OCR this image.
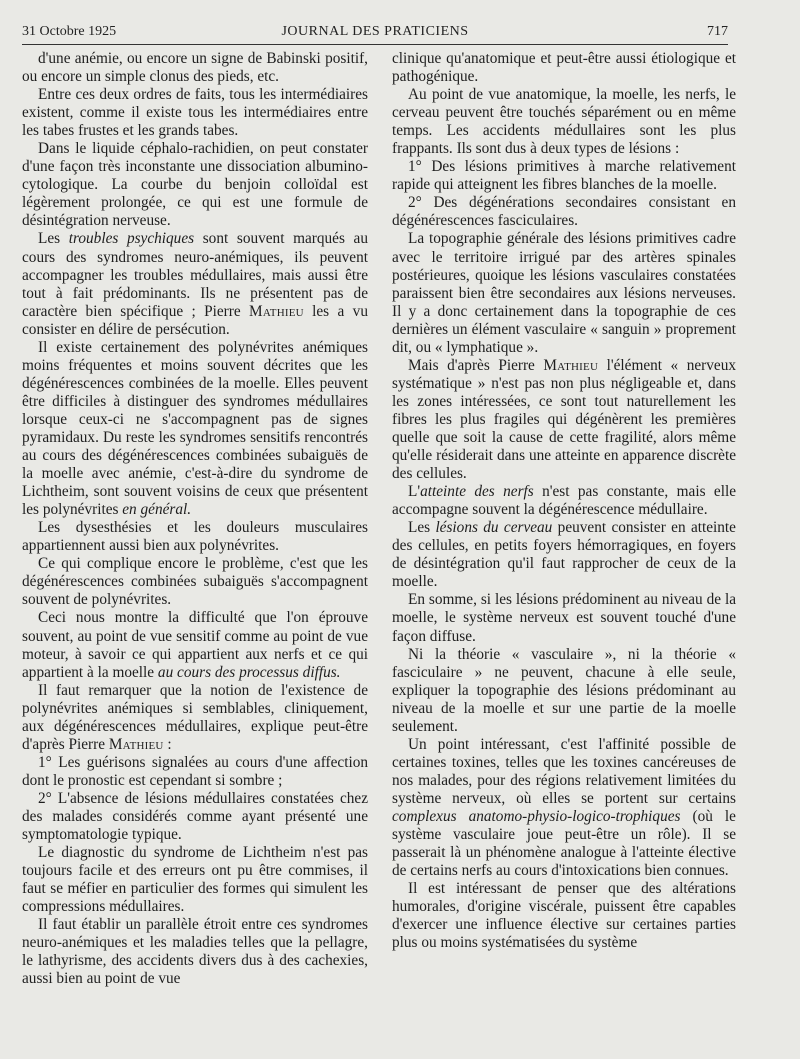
31 Octobre 1925	JOURNAL DES PRATICIENS	717

d'une anémie, ou encore un signe de Babinski positif, ou encore un simple clonus des pieds, etc.

Entre ces deux ordres de faits, tous les intermédiaires existent, comme il existe tous les intermédiaires entre les tabes frustes et les grands tabes.

Dans le liquide céphalo-rachidien, on peut constater d'une façon très inconstante une dissociation albumino-cytologique. La courbe du benjoin colloïdal est légèrement prolongée, ce qui est une formule de désintégration nerveuse.

Les troubles psychiques sont souvent marqués au cours des syndromes neuro-anémiques, ils peuvent accompagner les troubles médullaires, mais aussi être tout à fait prédominants. Ils ne présentent pas de caractère bien spécifique ; Pierre Mathieu les a vu consister en délire de persécution.

Il existe certainement des polynévrites anémiques moins fréquentes et moins souvent décrites que les dégénérescences combinées de la moelle. Elles peuvent être difficiles à distinguer des syndromes médullaires lorsque ceux-ci ne s'accompagnent pas de signes pyramidaux. Du reste les syndromes sensitifs rencontrés au cours des dégénérescences combinées subaiguës de la moelle avec anémie, c'est-à-dire du syndrome de Lichtheim, sont souvent voisins de ceux que présentent les polynévrites en général.

Les dysesthésies et les douleurs musculaires appartiennent aussi bien aux polynévrites.

Ce qui complique encore le problème, c'est que les dégénérescences combinées subaiguës s'accompagnent souvent de polynévrites.

Ceci nous montre la difficulté que l'on éprouve souvent, au point de vue sensitif comme au point de vue moteur, à savoir ce qui appartient aux nerfs et ce qui appartient à la moelle au cours des processus diffus.

Il faut remarquer que la notion de l'existence de polynévrites anémiques si semblables, cliniquement, aux dégénérescences médullaires, explique peut-être d'après Pierre Mathieu :

1° Les guérisons signalées au cours d'une affection dont le pronostic est cependant si sombre ;

2° L'absence de lésions médullaires constatées chez des malades considérés comme ayant présenté une symptomatologie typique.

Le diagnostic du syndrome de Lichtheim n'est pas toujours facile et des erreurs ont pu être commises, il faut se méfier en particulier des formes qui simulent les compressions médullaires.

Il faut établir un parallèle étroit entre ces syndromes neuro-anémiques et les maladies telles que la pellagre, le lathyrisme, des accidents divers dus à des cachexies, aussi bien au point de vue

clinique qu'anatomique et peut-être aussi étiologique et pathogénique.

Au point de vue anatomique, la moelle, les nerfs, le cerveau peuvent être touchés séparément ou en même temps. Les accidents médullaires sont les plus frappants. Ils sont dus à deux types de lésions :

1° Des lésions primitives à marche relativement rapide qui atteignent les fibres blanches de la moelle.

2° Des dégénérations secondaires consistant en dégénérescences fasciculaires.

La topographie générale des lésions primitives cadre avec le territoire irrigué par des artères spinales postérieures, quoique les lésions vasculaires constatées paraissent bien être secondaires aux lésions nerveuses. Il y a donc certainement dans la topographie de ces dernières un élément vasculaire « sanguin » proprement dit, ou « lymphatique ».

Mais d'après Pierre Mathieu l'élément « nerveux systématique » n'est pas non plus négligeable et, dans les zones intéressées, ce sont tout naturellement les fibres les plus fragiles qui dégénèrent les premières quelle que soit la cause de cette fragilité, alors même qu'elle résiderait dans une atteinte en apparence discrète des cellules.

L'atteinte des nerfs n'est pas constante, mais elle accompagne souvent la dégénérescence médullaire.

Les lésions du cerveau peuvent consister en atteinte des cellules, en petits foyers hémorragiques, en foyers de désintégration qu'il faut rapprocher de ceux de la moelle.

En somme, si les lésions prédominent au niveau de la moelle, le système nerveux est souvent touché d'une façon diffuse.

Ni la théorie « vasculaire », ni la théorie « fasciculaire » ne peuvent, chacune à elle seule, expliquer la topographie des lésions prédominant au niveau de la moelle et sur une partie de la moelle seulement.

Un point intéressant, c'est l'affinité possible de certaines toxines, telles que les toxines cancéreuses de nos malades, pour des régions relativement limitées du système nerveux, où elles se portent sur certains complexus anatomo-physio-logico-trophiques (où le système vasculaire joue peut-être un rôle). Il se passerait là un phénomène analogue à l'atteinte élective de certains nerfs au cours d'intoxications bien connues.

Il est intéressant de penser que des altérations humorales, d'origine viscérale, puissent être capables d'exercer une influence élective sur certaines parties plus ou moins systématisées du système
